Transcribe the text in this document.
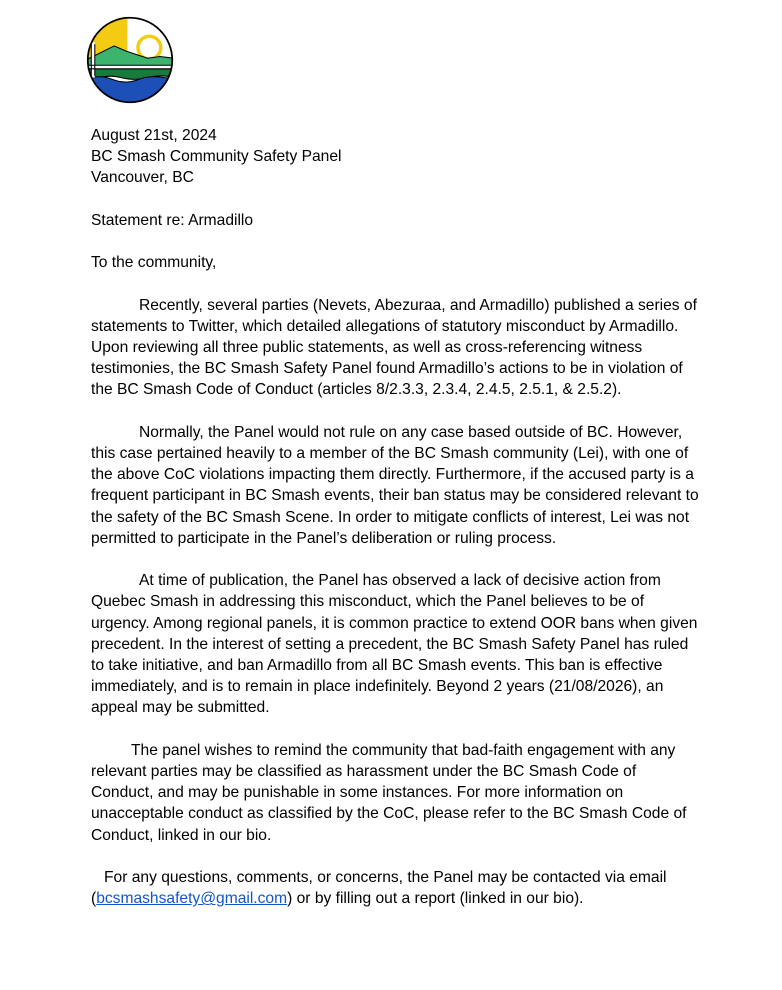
August 21st, 2024

BC Smash Community Safety Panel

Vancouver, BC

Statement re: Armadillo

To the community,

Recently, several parties (Nevets, Abezuraa, and Armadillo) published a series of statements to Twitter, which detailed allegations of statutory misconduct by Armadillo. Upon reviewing all three public statements, as well as cross-referencing witness testimonies, the BC Smash Safety Panel found Armadillo’s actions to be in violation of the BC Smash Code of Conduct (articles 8/2.3.3, 2.3.4, 2.4.5, 2.5.1, & 2.5.2).

Normally, the Panel would not rule on any case based outside of BC. However, this case pertained heavily to a member of the BC Smash community (Lei), with one of the above CoC violations impacting them directly. Furthermore, if the accused party is a frequent participant in BC Smash events, their ban status may be considered relevant to the safety of the BC Smash Scene. In order to mitigate conflicts of interest, Lei was not permitted to participate in the Panel’s deliberation or ruling process.

At time of publication, the Panel has observed a lack of decisive action from Quebec Smash in addressing this misconduct, which the Panel believes to be of urgency. Among regional panels, it is common practice to extend OOR bans when given precedent. In the interest of setting a precedent, the BC Smash Safety Panel has ruled to take initiative, and ban Armadillo from all BC Smash events. This ban is effective immediately, and is to remain in place indefinitely. Beyond 2 years (21/08/2026), an appeal may be submitted.

The panel wishes to remind the community that bad-faith engagement with any relevant parties may be classified as harassment under the BC Smash Code of Conduct, and may be punishable in some instances. For more information on unacceptable conduct as classified by the CoC, please refer to the BC Smash Code of Conduct, linked in our bio.

For any questions, comments, or concerns, the Panel may be contacted via email (bcsmashsafety@gmail.com) or by filling out a report (linked in our bio).
